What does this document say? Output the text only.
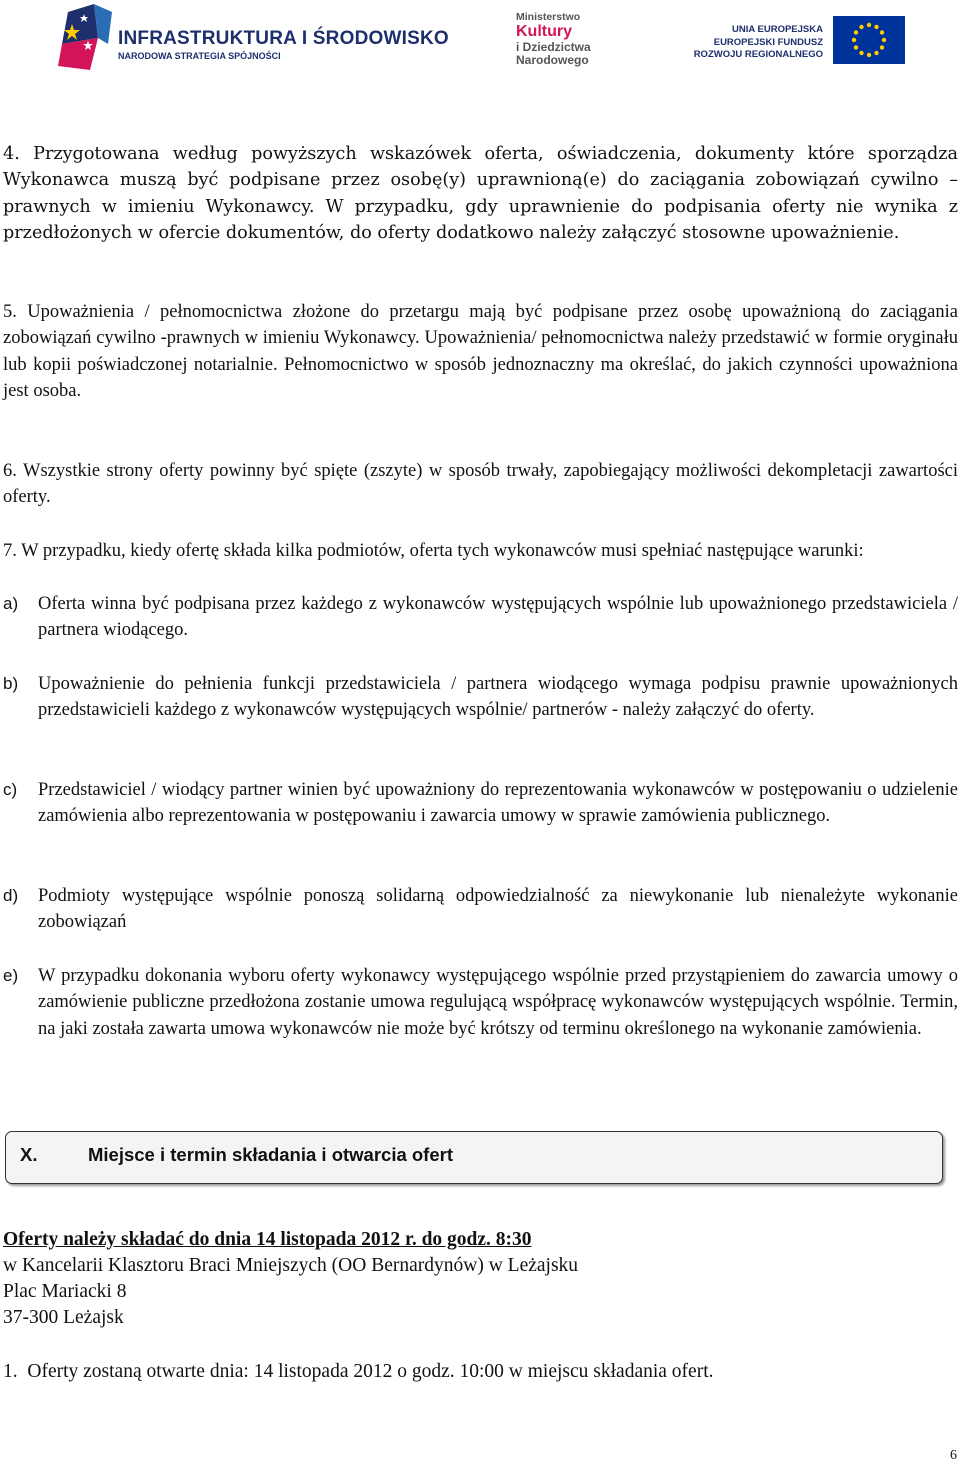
INFRASTRUKTURA I ŚRODOWISKO
NARODOWA STRATEGIA SPÓJNOŚCI
Ministerstwo
Kultury
i Dziedzictwa
Narodowego
UNIA EUROPEJSKA
EUROPEJSKI FUNDUSZ
ROZWOJU REGIONALNEGO

4. Przygotowana według powyższych wskazówek oferta, oświadczenia, dokumenty które sporządza Wykonawca muszą być podpisane przez osobę(y) uprawnioną(e) do zaciągania zobowiązań cywilno – prawnych w imieniu Wykonawcy. W przypadku, gdy uprawnienie do podpisania oferty nie wynika z przedłożonych w ofercie dokumentów, do oferty dodatkowo należy załączyć stosowne upoważnienie.

5. Upoważnienia / pełnomocnictwa złożone do przetargu mają być podpisane przez osobę upoważnioną do zaciągania zobowiązań cywilno -prawnych w imieniu Wykonawcy. Upoważnienia/ pełnomocnictwa należy przedstawić w formie oryginału lub kopii poświadczonej notarialnie. Pełnomocnictwo w sposób jednoznaczny ma określać, do jakich czynności upoważniona jest osoba.

6. Wszystkie strony oferty powinny być spięte (zszyte) w sposób trwały, zapobiegający możliwości dekompletacji zawartości oferty.

7. W przypadku, kiedy ofertę składa kilka podmiotów, oferta tych wykonawców musi spełniać następujące warunki:

a) Oferta winna być podpisana przez każdego z wykonawców występujących wspólnie lub upoważnionego przedstawiciela / partnera wiodącego.
b) Upoważnienie do pełnienia funkcji przedstawiciela / partnera wiodącego wymaga podpisu prawnie upoważnionych przedstawicieli każdego z wykonawców występujących wspólnie/ partnerów - należy załączyć do oferty.
c) Przedstawiciel / wiodący partner winien być upoważniony do reprezentowania wykonawców w postępowaniu o udzielenie zamówienia albo reprezentowania w postępowaniu i zawarcia umowy w sprawie zamówienia publicznego.
d) Podmioty występujące wspólnie ponoszą solidarną odpowiedzialność za niewykonanie lub nienależyte wykonanie zobowiązań
e) W przypadku dokonania wyboru oferty wykonawcy występującego wspólnie przed przystąpieniem do zawarcia umowy o zamówienie publiczne przedłożona zostanie umowa regulującą współpracę wykonawców występujących wspólnie. Termin, na jaki została zawarta umowa wykonawców nie może być krótszy od terminu określonego na wykonanie zamówienia.
X.	Miejsce i termin składania i otwarcia ofert

Oferty należy składać do dnia 14 listopada 2012 r. do godz. 8:30

w Kancelarii Klasztoru Braci Mniejszych (OO Bernardynów) w Leżajsku

Plac Mariacki 8

37-300 Leżajsk

1. Oferty zostaną otwarte dnia: 14 listopada 2012 o godz. 10:00 w miejscu składania ofert.

6
